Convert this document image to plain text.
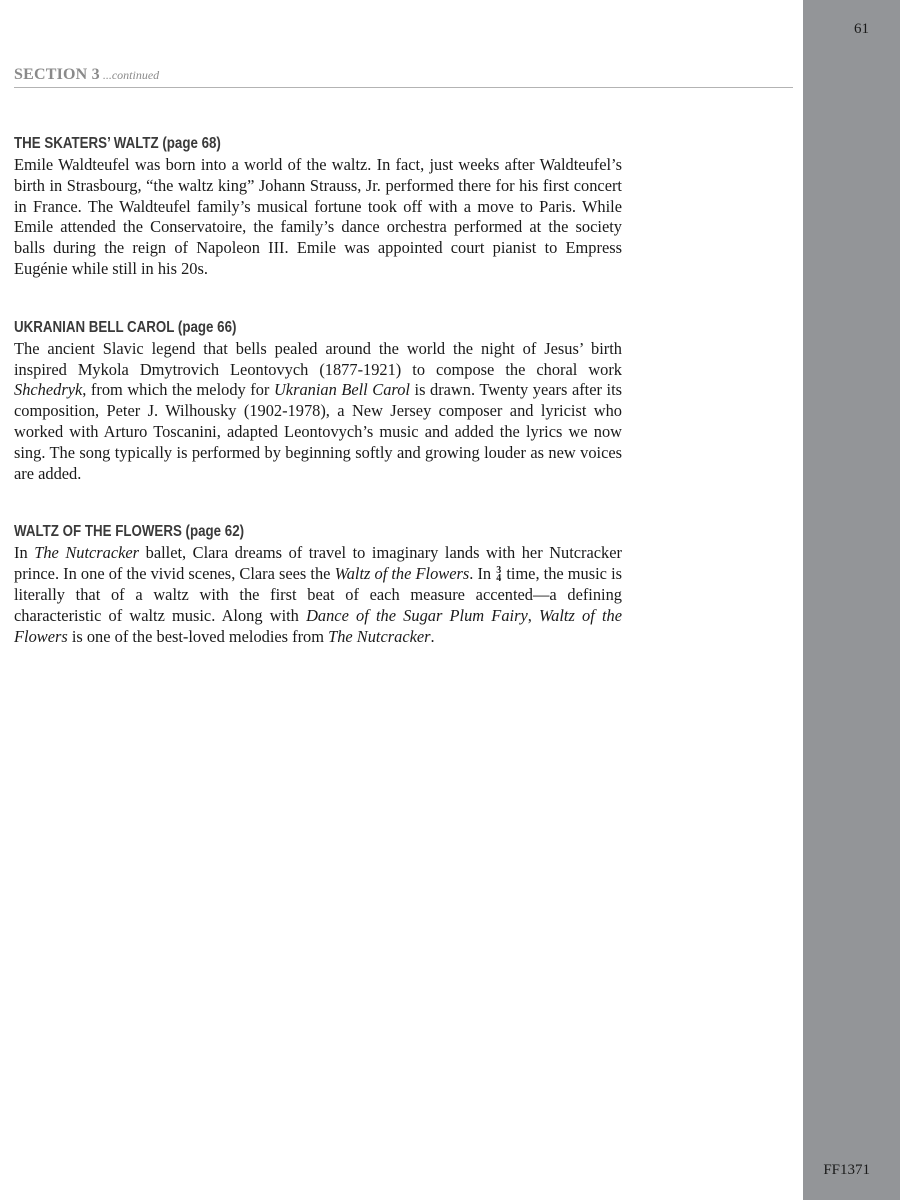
61
SECTION 3 ...continued
THE SKATERS’ WALTZ (page 68)

Emile Waldteufel was born into a world of the waltz. In fact, just weeks after Waldteufel’s birth in Strasbourg, “the waltz king” Johann Strauss, Jr. performed there for his first concert in France. The Waldteufel family’s musical fortune took off with a move to Paris. While Emile attended the Conservatoire, the family’s dance orchestra performed at the society balls during the reign of Napoleon III. Emile was appointed court pianist to Empress Eugénie while still in his 20s.

UKRANIAN BELL CAROL (page 66)

The ancient Slavic legend that bells pealed around the world the night of Jesus’ birth inspired Mykola Dmytrovich Leontovych (1877-1921) to compose the choral work Shchedryk, from which the melody for Ukranian Bell Carol is drawn. Twenty years after its composition, Peter J. Wilhousky (1902-1978), a New Jersey composer and lyricist who worked with Arturo Toscanini, adapted Leontovych’s music and added the lyrics we now sing. The song typically is performed by beginning softly and growing louder as new voices are added.

WALTZ OF THE FLOWERS (page 62)

In The Nutcracker ballet, Clara dreams of travel to imaginary lands with her Nutcracker prince. In one of the vivid scenes, Clara sees the Waltz of the Flowers. In 3
4 time, the music is literally that of a waltz with the first beat of each measure accented—a defining characteristic of waltz music. Along with Dance of the Sugar Plum Fairy, Waltz of the Flowers is one of the best-loved melodies from The Nutcracker.

FF1371
